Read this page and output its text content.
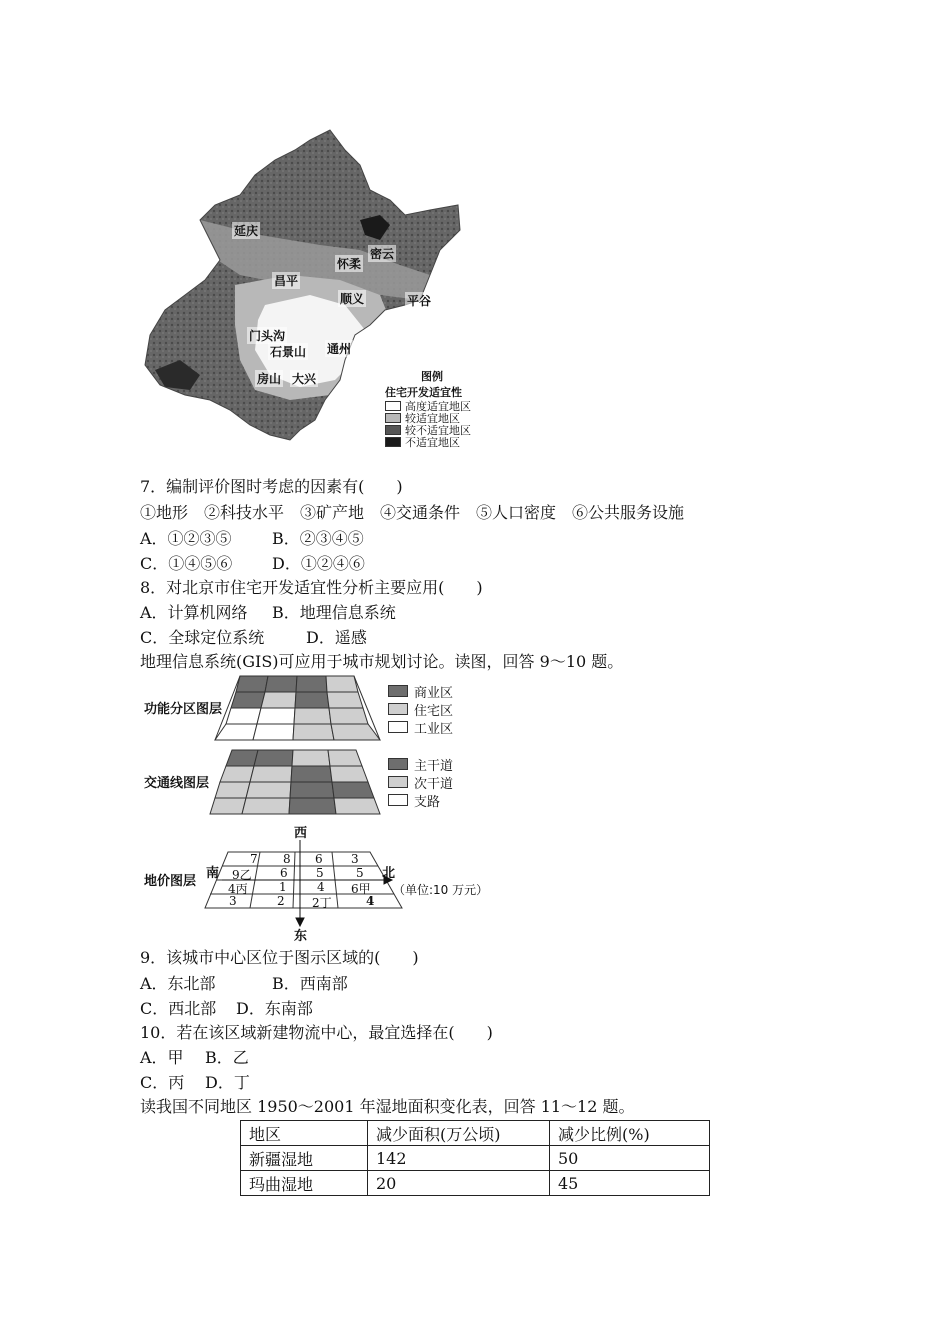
延庆
怀柔
密云
昌平
顺义	平谷
门头沟
石景山 通州
房山 大兴	图例
住宅开发适宜性
高度适宜地区
较适宜地区
较不适宜地区
不适宜地区
7．编制评价图时考虑的因素有(　　)
①地形　②科技水平　③矿产地　④交通条件　⑤人口密度　⑥公共服务设施
A．①②③⑤	B．②③④⑤
C．①④⑤⑥ D．①②④⑥
8．对北京市住宅开发适宜性分析主要应用(　　)
A．计算机网络 B．地理信息系统
C．全球定位系统	D．遥感
地理信息系统(GIS)可应用于城市规划讨论。读图，回答 9～10 题。
功能分区图层
交通线图层
地价图层
7 8 6 3
9乙 6 5	5
4丙	1	4 6甲
3	2 2丁	4
西
东
南	北
（单位:10 万元）
商业区
住宅区
工业区
主干道
次干道
支路
9．该城市中心区位于图示区域的(　　)
A．东北部	B．西南部
C．西北部 D．东南部
10．若在该区域新建物流中心，最宜选择在(　　)
A．甲 B．乙
C．丙 D．丁
读我国不同地区 1950～2001 年湿地面积变化表，回答 11～12 题。
地区	减少面积(万公顷)	减少比例(%)
新疆湿地	142	50
玛曲湿地	20	45
